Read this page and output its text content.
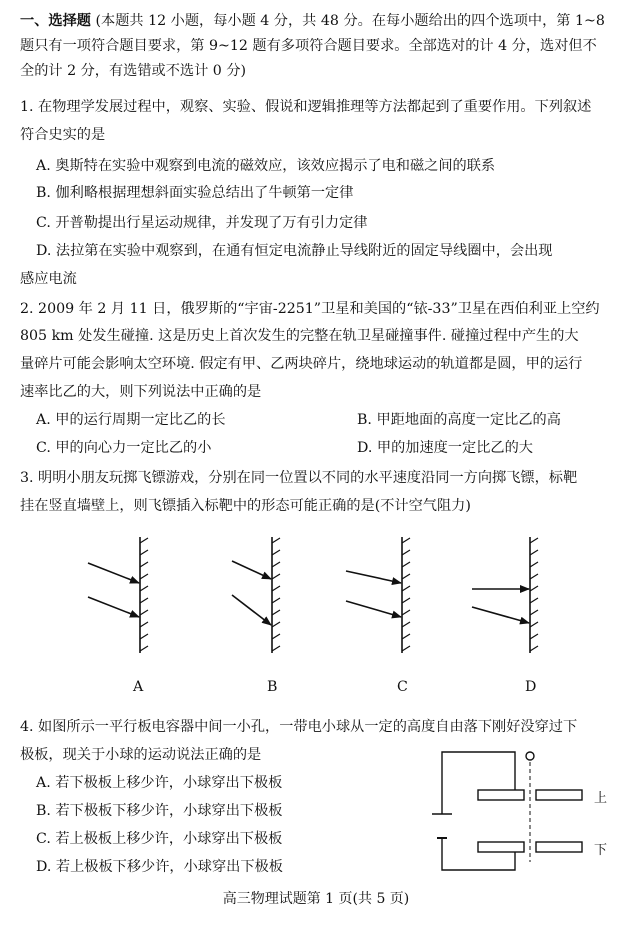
一、选择题 (本题共 12 小题，每小题 4 分，共 48 分。在每小题给出的四个选项中，第 1~8
题只有一项符合题目要求，第 9~12 题有多项符合题目要求。全部选对的计 4 分，选对但不
全的计 2 分，有选错或不选计 0 分)
1. 在物理学发展过程中，观察、实验、假说和逻辑推理等方法都起到了重要作用。下列叙述
符合史实的是
A. 奥斯特在实验中观察到电流的磁效应，该效应揭示了电和磁之间的联系
B. 伽利略根据理想斜面实验总结出了牛顿第一定律
C. 开普勒提出行星运动规律，并发现了万有引力定律
D. 法拉第在实验中观察到，在通有恒定电流静止导线附近的固定导线圈中，会出现
感应电流
2. 2009 年 2 月 11 日，俄罗斯的“宇宙-2251”卫星和美国的“铱-33”卫星在西伯利亚上空约
805 km 处发生碰撞. 这是历史上首次发生的完整在轨卫星碰撞事件. 碰撞过程中产生的大
量碎片可能会影响太空环境. 假定有甲、乙两块碎片，绕地球运动的轨道都是圆，甲的运行
速率比乙的大，则下列说法中正确的是
A. 甲的运行周期一定比乙的长	B. 甲距地面的高度一定比乙的高
C. 甲的向心力一定比乙的小	D. 甲的加速度一定比乙的大
3. 明明小朋友玩掷飞镖游戏，分别在同一位置以不同的水平速度沿同一方向掷飞镖，标靶
挂在竖直墙壁上，则飞镖插入标靶中的形态可能正确的是(不计空气阻力)
A	B	C	D
4. 如图所示一平行板电容器中间一小孔，一带电小球从一定的高度自由落下刚好没穿过下
极板，现关于小球的运动说法正确的是
A. 若下极板上移少许，小球穿出下极板
B. 若下极板下移少许，小球穿出下极板
C. 若上极板上移少许，小球穿出下极板
D. 若上极板下移少许，小球穿出下极板
上
下
高三物理试题第 1 页(共 5 页)
